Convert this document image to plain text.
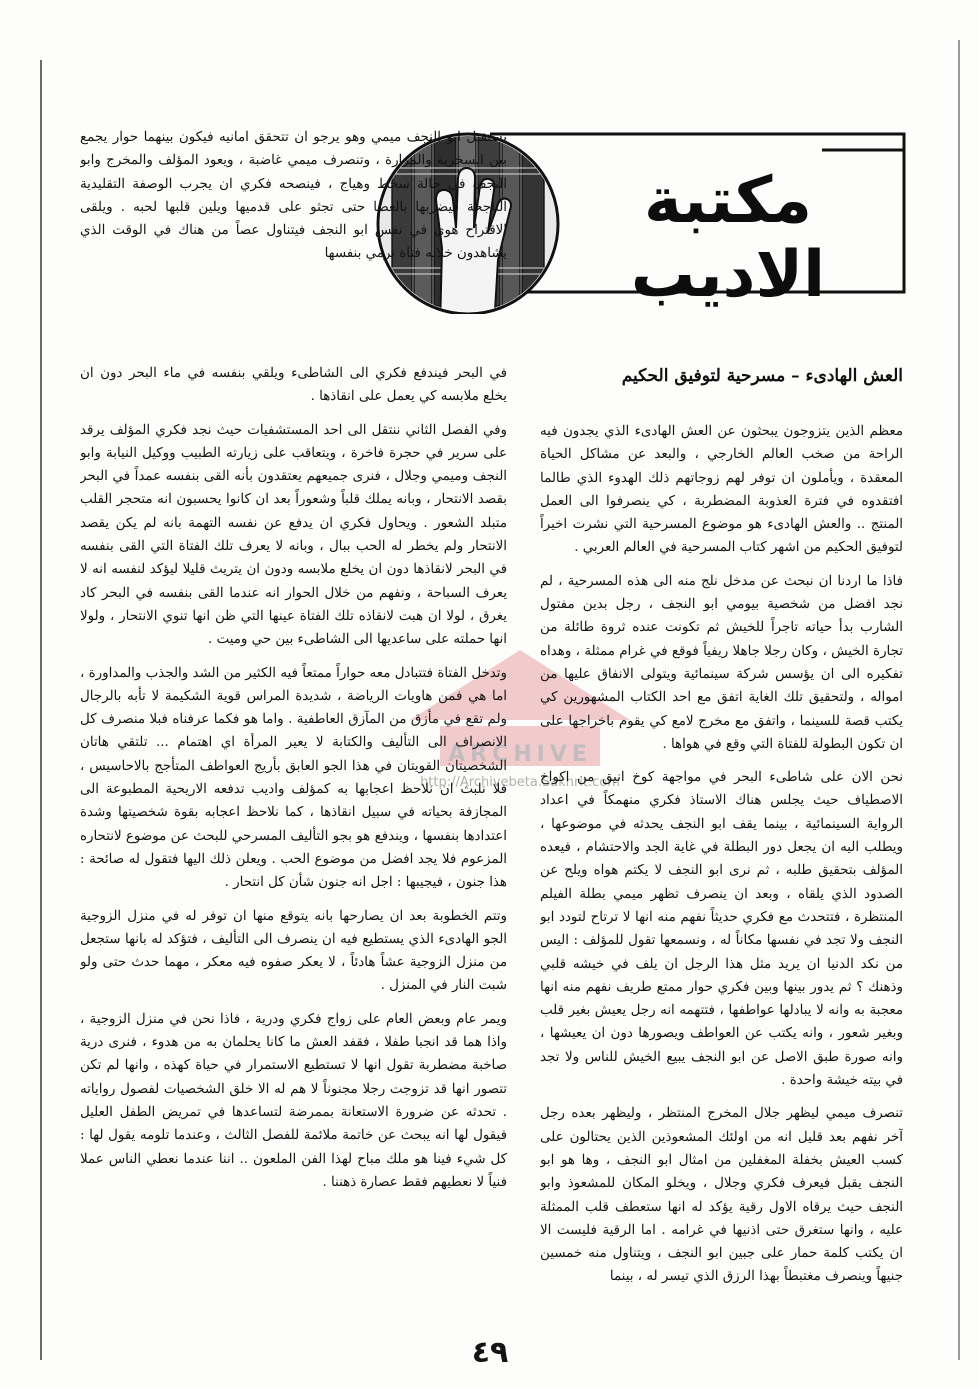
مكتبة الاديب
ARCHIVE
http://Archivebeta.Sakhrit.com
العش الهادىء – مسرحية لتوفيق الحكيم

يستقبل ابو النجف ميمي وهو يرجو ان تتحقق امانيه فيكون بينهما حوار يجمع بين السخرية والمرارة ، وتنصرف ميمي غاضبة ، ويعود المؤلف والمخرج وابو النجف في حالة سخط وهياج ، فينصحه فكري ان يجرب الوصفة التقليدية الناجحة فيضربها بالعصا حتى تجثو على قدميها ويلين قلبها لحبه . ويلقى الاقتراح هوى في نفس ابو النجف فيتناول عصاً من هناك في الوقت الذي يشاهدون خلاله فتاة ترمي بنفسها

في البحر فيندفع فكري الى الشاطىء ويلقي بنفسه في ماء البحر دون ان يخلع ملابسه كي يعمل على انقاذها .

وفي الفصل الثاني ننتقل الى احد المستشفيات حيث نجد فكري المؤلف يرقد على سرير في حجرة فاخرة ، ويتعاقب على زيارته الطبيب ووكيل النيابة وابو النجف وميمي وجلال ، فنرى جميعهم يعتقدون بأنه القى بنفسه عمداً في البحر بقصد الانتحار ، وبانه يملك قلباً وشعوراً بعد ان كانوا يحسبون انه متحجر القلب متبلد الشعور . ويحاول فكري ان يدفع عن نفسه التهمة بانه لم يكن يقصد الانتحار ولم يخطر له الحب ببال ، وبانه لا يعرف تلك الفتاة التي القى بنفسه في البحر لانقاذها دون ان يخلع ملابسه ودون ان يتريث قليلا ليؤكد لنفسه انه لا يعرف السباحة ، ونفهم من خلال الحوار انه عندما القى بنفسه في البحر كاد يغرق ، لولا ان هبت لانقاذه تلك الفتاة عينها التي ظن انها تنوي الانتحار ، ولولا انها حملته على ساعديها الى الشاطىء بين حي وميت .

وتدخل الفتاة فتتبادل معه حواراً ممتعاً فيه الكثير من الشد والجذب والمداورة ، اما هي فمن هاويات الرياضة ، شديدة المراس قوية الشكيمة لا تأبه بالرجال ولم تقع في مأزق من المآزق العاطفية . واما هو فكما عرفناه فبلا منصرف كل الانصراف الى التأليف والكتابة لا يعير المرأة اي اهتمام ... تلتقي هاتان الشخصيتان القويتان في هذا الجو العابق بأريج العواطف المتأجج بالاحاسيس ، فلا نلبث ان نلاحظ اعجابها به كمؤلف واديب تدفعه الاريحية المطبوعة الى المجازفة بحياته في سبيل انقاذها ، كما نلاحظ اعجابه بقوة شخصيتها وشدة اعتدادها بنفسها ، ويندفع هو بجو التأليف المسرحي للبحث عن موضوع لانتحاره المزعوم فلا يجد افضل من موضوع الحب . ويعلن ذلك اليها فتقول له صائحة : هذا جنون ، فيجيبها : اجل انه جنون شأن كل انتحار .

وتتم الخطوبة بعد ان يصارحها بانه يتوقع منها ان توفر له في منزل الزوجية الجو الهادىء الذي يستطيع فيه ان ينصرف الى التأليف ، فتؤكد له بانها ستجعل من منزل الزوجية عشاً هادئاً ، لا يعكر صفوه فيه معكر ، مهما حدث حتى ولو شبت النار في المنزل .

ويمر عام وبعض العام على زواج فكري ودرية ، فاذا نحن في منزل الزوجية ، واذا هما قد انجبا طفلا ، فقفد العش ما كانا يحلمان به من هدوء ، فنرى درية صاخبة مضطربة تقول انها لا تستطيع الاستمرار في حياة كهذه ، وانها لم تكن تتصور انها قد تزوجت رجلا مجنوناً لا هم له الا خلق الشخصيات لفصول رواياته . تحدثه عن ضرورة الاستعانة بممرضة لتساعدها في تمريض الطفل العليل فيقول لها انه يبحث عن خاتمة ملائمة للفصل الثالث ، وعندما تلومه يقول لها : كل شيء فينا هو ملك مباح لهذا الفن الملعون .. اننا عندما نعطي الناس عملا فنياً لا نعطيهم فقط عصارة ذهننا .

معظم الذين يتزوجون يبحثون عن العش الهادىء الذي يجدون فيه الراحة من صخب العالم الخارجي ، والبعد عن مشاكل الحياة المعقدة ، ويأملون ان توفر لهم زوجاتهم ذلك الهدوء الذي طالما افتقدوه في فترة العذوبة المضطربة ، كي ينصرفوا الى العمل المنتج .. والعش الهادىء هو موضوع المسرحية التي نشرت اخيراً لتوفيق الحكيم من اشهر كتاب المسرحية في العالم العربي .

فاذا ما اردنا ان نبحث عن مدخل نلج منه الى هذه المسرحية ، لم نجد افضل من شخصية بيومي ابو النجف ، رجل بدين مفتول الشارب بدأ حياته تاجراً للخيش ثم تكونت عنده ثروة طائلة من تجارة الخيش ، وكان رجلا جاهلا ريفياً فوقع في غرام ممثلة ، وهداه تفكيره الى ان يؤسس شركة سينمائية ويتولى الانفاق عليها من امواله ، ولتحقيق تلك الغاية اتفق مع احد الكتاب المشهورين كي يكتب قصة للسينما ، واتفق مع مخرج لامع كي يقوم باخراجها على ان تكون البطولة للفتاة التي وقع في هواها .

نحن الان على شاطىء البحر في مواجهة كوخ انيق من اكواخ الاصطياف حيث يجلس هناك الاستاذ فكري منهمكاً في اعداد الرواية السينمائية ، بينما يقف ابو النجف يحدثه في موضوعها ، ويطلب اليه ان يجعل دور البطلة في غاية الجد والاحتشام ، فيعده المؤلف بتحقيق طلبه ، ثم نرى ابو النجف لا يكتم هواه ويلح عن الصدود الذي يلقاه ، وبعد ان ينصرف تظهر ميمي بطلة الفيلم المنتظرة ، فتتحدث مع فكري حديثاً نفهم منه انها لا ترتاح لتودد ابو النجف ولا تجد في نفسها مكاناً له ، ونسمعها تقول للمؤلف : اليس من نكد الدنيا ان يريد مثل هذا الرجل ان يلف في خيشه قلبي وذهنك ؟ ثم يدور بينها وبين فكري حوار ممتع طريف نفهم منه انها معجبة به وانه لا يبادلها عواطفها ، فتتهمه انه رجل يعيش بغير قلب وبغير شعور ، وانه يكتب عن العواطف ويصورها دون ان يعيشها ، وانه صورة طبق الاصل عن ابو النجف يبيع الخيش للناس ولا تجد في بيته خيشة واحدة .

تنصرف ميمي ليظهر جلال المخرج المنتظر ، وليظهر بعده رجل آخر نفهم بعد قليل انه من اولئك المشعوذين الذين يحتالون على كسب العيش بخفلة المغفلين من امثال ابو النجف ، وها هو ابو النجف يقبل فيعرف فكري وجلال ، ويخلو المكان للمشعوذ وابو النجف حيث يرقاه الاول رقية يؤكد له انها ستعطف قلب الممثلة عليه ، وانها ستغرق حتى اذنيها في غرامه . اما الرقية فليست الا ان يكتب كلمة حمار على جبين ابو النجف ، ويتناول منه خمسين جنيهاً وينصرف مغتبطاً بهذا الرزق الذي تيسر له ، بينما

٤٩
